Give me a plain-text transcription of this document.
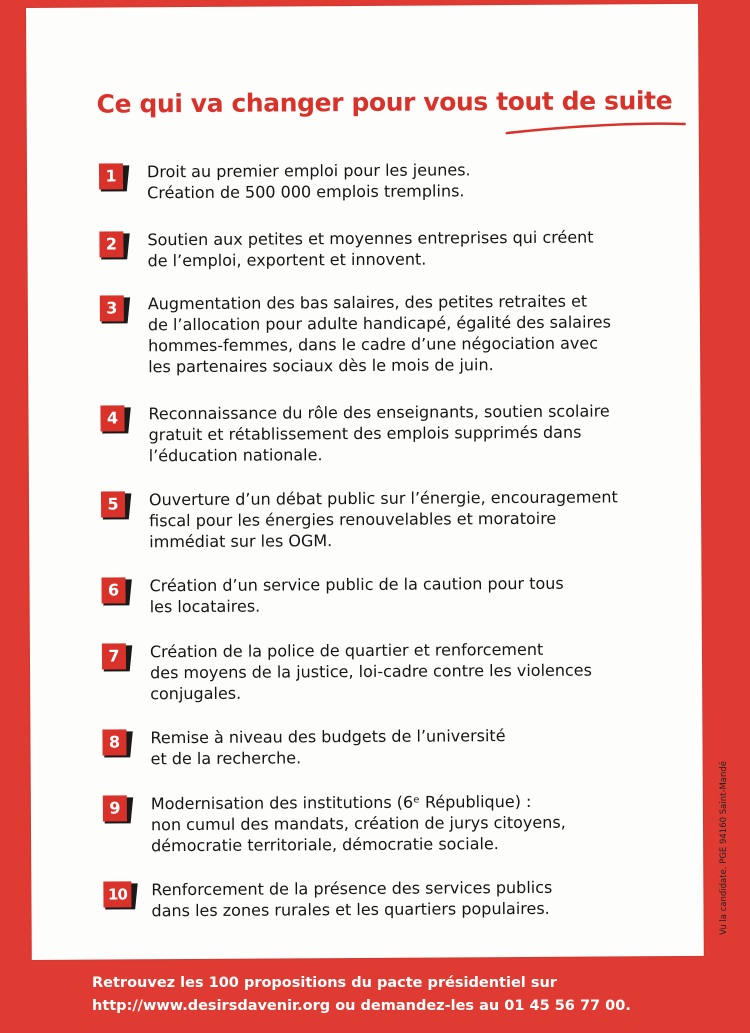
Ce qui va changer pour vous tout de suite
1	Droit au premier emploi pour les jeunes.
Création de 500 000 emplois tremplins.

2	Soutien aux petites et moyennes entreprises qui créent
de l’emploi, exportent et innovent.

3	Augmentation des bas salaires, des petites retraites et
de l’allocation pour adulte handicapé, égalité des salaires
hommes-femmes, dans le cadre d’une négociation avec
les partenaires sociaux dès le mois de juin.

4	Reconnaissance du rôle des enseignants, soutien scolaire
gratuit et rétablissement des emplois supprimés dans
l’éducation nationale.

5	Ouverture d’un débat public sur l’énergie, encouragement
fiscal pour les énergies renouvelables et moratoire
immédiat sur les OGM.

6	Création d’un service public de la caution pour tous
les locataires.

7	Création de la police de quartier et renforcement
des moyens de la justice, loi-cadre contre les violences
conjugales.

8	Remise à niveau des budgets de l’université
et de la recherche.

9	Modernisation des institutions (6ᵉ République) :
non cumul des mandats, création de jurys citoyens,
démocratie territoriale, démocratie sociale.

10 Renforcement de la présence des services publics
dans les zones rurales et les quartiers populaires.	Vu la candidate. PGE 94160 Saint-Mandé

Retrouvez les 100 propositions du pacte présidentiel sur
http://www.desirsdavenir.org ou demandez-les au 01 45 56 77 00.
